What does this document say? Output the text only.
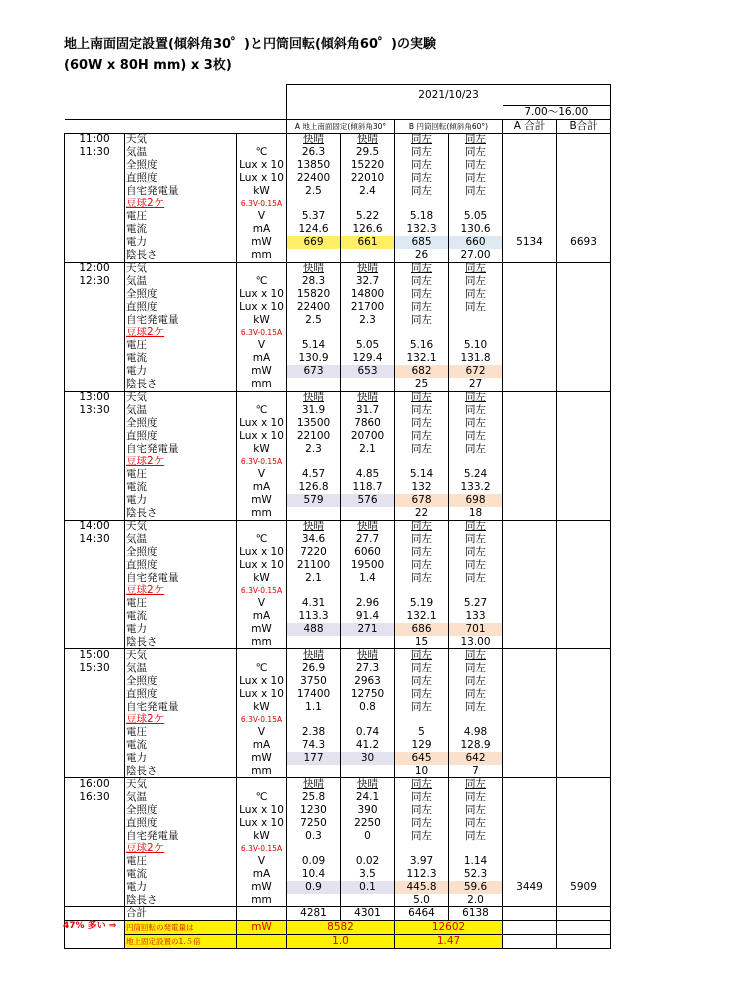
地上南面固定設置(傾斜角30゜)と円筒回転(傾斜角60゜)の実験
(60W x 80H mm) x 3枚)
			2021/10/23					
							7.00～16.00	
			A 地上南面固定(傾斜角30°		B 円筒回転(傾斜角60°)		A 合計	B合計
11:00	天気		快晴	快晴	同左	同左		
11:30	気温	℃	26.3	29.5	同左	同左		
	全照度	Lux x 10	13850	15220	同左	同左		
	直照度	Lux x 10	22400	22010	同左	同左		
	自宅発電量	kW	2.5	2.4	同左	同左		
	豆球2ケ	6.3V-0.15A						
	電圧	V	5.37	5.22	5.18	5.05		
	電流	mA	124.6	126.6	132.3	130.6		
	電力	mW	669	661	685	660	5134	6693
	陰長さ	mm			26	27.00		
12:00	天気		快晴	快晴	同左	同左		
12:30	気温	℃	28.3	32.7	同左	同左		
	全照度	Lux x 10	15820	14800	同左	同左		
	直照度	Lux x 10	22400	21700	同左	同左		
	自宅発電量	kW	2.5	2.3	同左			
	豆球2ケ	6.3V-0.15A						
	電圧	V	5.14	5.05	5.16	5.10		
	電流	mA	130.9	129.4	132.1	131.8		
	電力	mW	673	653	682	672		
	陰長さ	mm			25	27		
13:00	天気		快晴	快晴	同左	同左		
13:30	気温	℃	31.9	31.7	同左	同左		
	全照度	Lux x 10	13500	7860	同左	同左		
	直照度	Lux x 10	22100	20700	同左	同左		
	自宅発電量	kW	2.3	2.1	同左	同左		
	豆球2ケ	6.3V-0.15A						
	電圧	V	4.57	4.85	5.14	5.24		
	電流	mA	126.8	118.7	132	133.2		
	電力	mW	579	576	678	698		
	陰長さ	mm			22	18		
14:00	天気		快晴	快晴	同左	同左		
14:30	気温	℃	34.6	27.7	同左	同左		
	全照度	Lux x 10	7220	6060	同左	同左		
	直照度	Lux x 10	21100	19500	同左	同左		
	自宅発電量	kW	2.1	1.4	同左	同左		
	豆球2ケ	6.3V-0.15A						
	電圧	V	4.31	2.96	5.19	5.27		
	電流	mA	113.3	91.4	132.1	133		
	電力	mW	488	271	686	701		
	陰長さ	mm			15	13.00		
15:00	天気		快晴	快晴	同左	同左		
15:30	気温	℃	26.9	27.3	同左	同左		
	全照度	Lux x 10	3750	2963	同左	同左		
	直照度	Lux x 10	17400	12750	同左	同左		
	自宅発電量	kW	1.1	0.8	同左	同左		
	豆球2ケ	6.3V-0.15A						
	電圧	V	2.38	0.74	5	4.98		
	電流	mA	74.3	41.2	129	128.9		
	電力	mW	177	30	645	642		
	陰長さ	mm			10	7		
16:00	天気		快晴	快晴	同左	同左		
16:30	気温	℃	25.8	24.1	同左	同左		
	全照度	Lux x 10	1230	390	同左	同左		
	直照度	Lux x 10	7250	2250	同左	同左		
	自宅発電量	kW	0.3	0	同左	同左		
	豆球2ケ	6.3V-0.15A						
	電圧	V	0.09	0.02	3.97	1.14		
	電流	mA	10.4	3.5	112.3	52.3		
	電力	mW	0.9	0.1	445.8	59.6	3449	5909
	陰長さ	mm			5.0	2.0		
	合計		4281	4301	6464	6138		
	円筒回転の発電量は	mW	8582		12602			
	地上固定設置の1.５倍		1.0		1.47			
47% 多い ⇒
